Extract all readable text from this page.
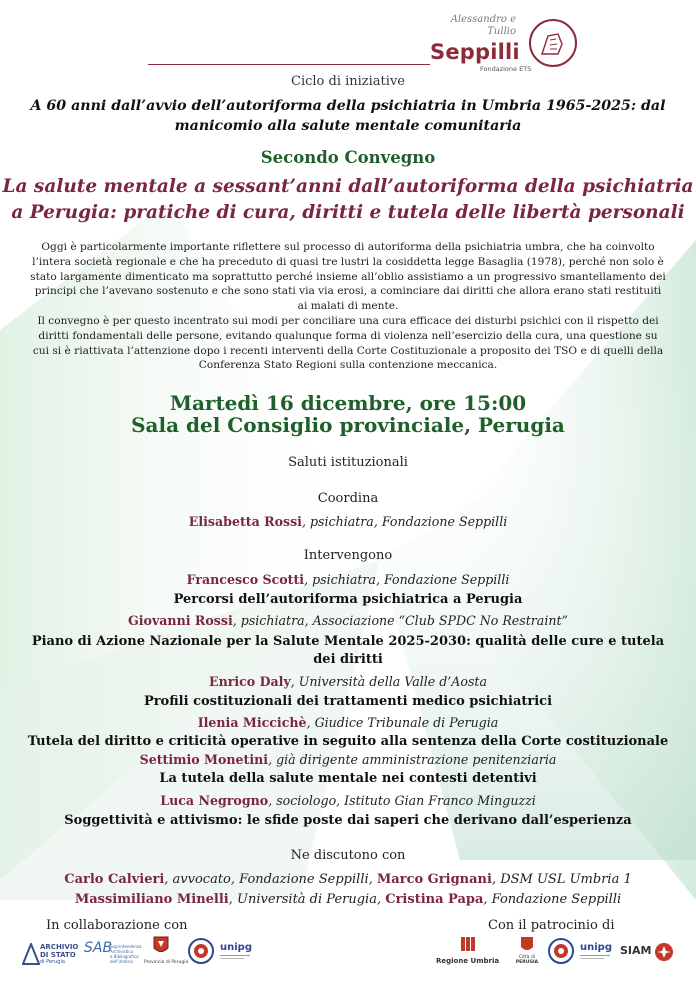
Alessandro e
Tullio
Seppilli
Fondazione ETS
Ciclo di iniziative
A 60 anni dall’avvio dell’autoriforma della psichiatria in Umbria 1965-2025: dal
manicomio alla salute mentale comunitaria
Secondo Convegno
La salute mentale a sessant’anni dall’autoriforma della psichiatria
a Perugia: pratiche di cura, diritti e tutela delle libertà personali
Oggi è particolarmente importante riflettere sul processo di autoriforma della psichiatria umbra, che ha coinvolto
l’intera società regionale e che ha preceduto di quasi tre lustri la cosiddetta legge Basaglia (1978), perché non solo è
stato largamente dimenticato ma soprattutto perché insieme all’oblio assistiamo a un progressivo smantellamento dei
principi che l’avevano sostenuto e che sono stati via via erosi, a cominciare dai diritti che allora erano stati restituiti
ai malati di mente.
Il convegno è per questo incentrato sui modi per conciliare una cura efficace dei disturbi psichici con il rispetto dei
diritti fondamentali delle persone, evitando qualunque forma di violenza nell’esercizio della cura, una questione su
cui si è riattivata l’attenzione dopo i recenti interventi della Corte Costituzionale a proposito dei TSO e di quelli della
Conferenza Stato Regioni sulla contenzione meccanica.
Martedì 16 dicembre, ore 15:00
Sala del Consiglio provinciale, Perugia
Saluti istituzionali
Coordina
Elisabetta Rossi, psichiatra, Fondazione Seppilli
Intervengono
Francesco Scotti, psichiatra, Fondazione Seppilli
Percorsi dell’autoriforma psichiatrica a Perugia
Giovanni Rossi, psichiatra, Associazione “Club SPDC No Restraint”
Piano di Azione Nazionale per la Salute Mentale 2025-2030: qualità delle cure e tutela
dei diritti
Enrico Daly, Università della Valle d’Aosta
Profili costituzionali dei trattamenti medico psichiatrici
Ilenia Miccichè, Giudice Tribunale di Perugia
Tutela del diritto e criticità operative in seguito alla sentenza della Corte costituzionale
Settimio Monetini, già dirigente amministrazione penitenziaria
La tutela della salute mentale nei contesti detentivi
Luca Negrogno, sociologo, Istituto Gian Franco Minguzzi
Soggettività e attivismo: le sfide poste dai saperi che derivano dall’esperienza
Ne discutono con
Carlo Calvieri, avvocato, Fondazione Seppilli, Marco Grignani, DSM USL Umbria 1
Massimiliano Minelli, Università di Perugia, Cristina Papa, Fondazione Seppilli
In collaborazione con	Con il patrocinio di
ARCHIVIO
DI STATO
di Perugia
SAB
Soprintendenza Archivistica
e Bibliografica dell'Umbria	Provincia di Perugia
unipg
Regione Umbria	Città di
PERUGIA
unipg SIAM
